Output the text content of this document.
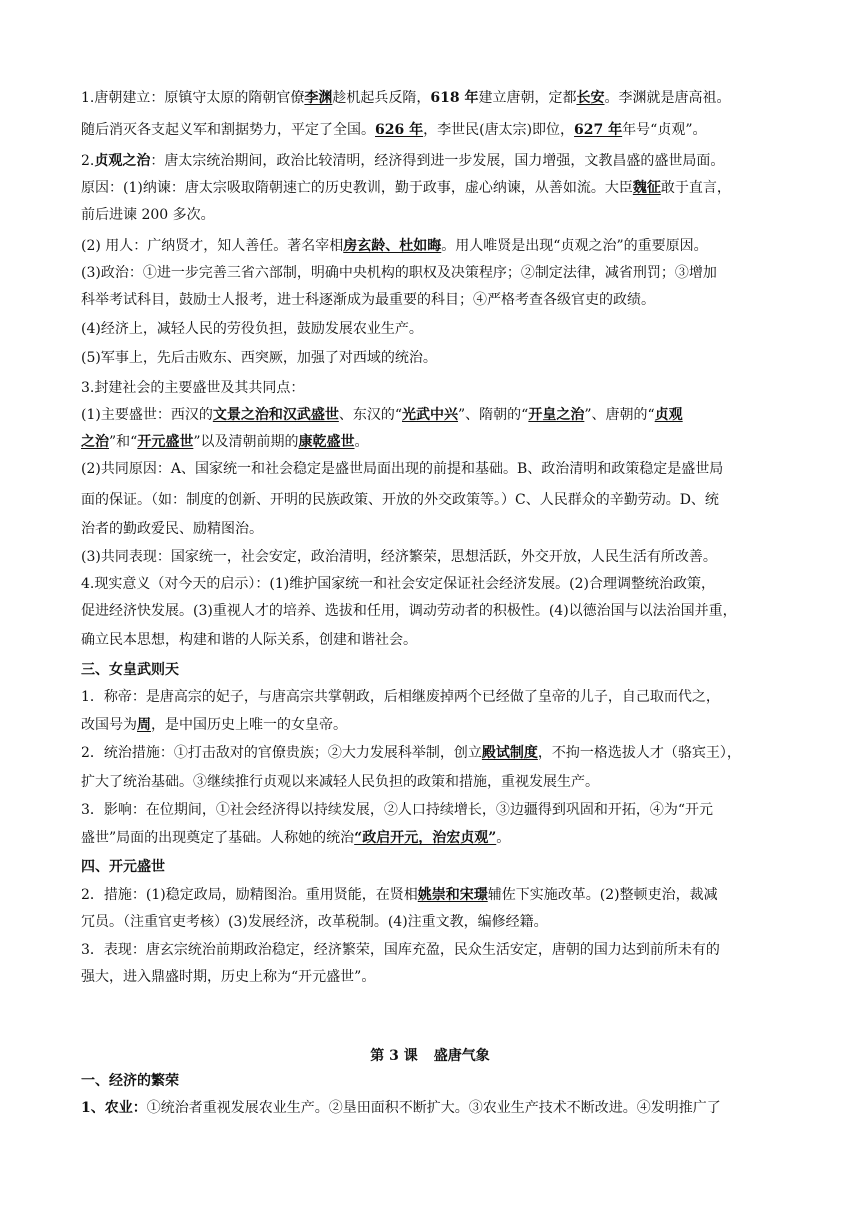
1.唐朝建立：原镇守太原的隋朝官僚李渊趁机起兵反隋，618 年建立唐朝，定都长安。李渊就是唐高祖。
随后消灭各支起义军和割据势力，平定了全国。626 年，李世民(唐太宗)即位，627 年年号“贞观”。
2.贞观之治：唐太宗统治期间，政治比较清明，经济得到进一步发展，国力增强，文教昌盛的盛世局面。
原因：(1)纳谏：唐太宗吸取隋朝速亡的历史教训，勤于政事，虚心纳谏，从善如流。大臣魏征敢于直言，
前后进谏 200 多次。
(2) 用人：广纳贤才，知人善任。著名宰相房玄龄、杜如晦。用人唯贤是出现“贞观之治”的重要原因。
(3)政治：①进一步完善三省六部制，明确中央机构的职权及决策程序；②制定法律，减省刑罚；③增加
科举考试科目，鼓励士人报考，进士科逐渐成为最重要的科目；④严格考查各级官吏的政绩。
(4)经济上，减轻人民的劳役负担，鼓励发展农业生产。
(5)军事上，先后击败东、西突厥，加强了对西域的统治。
3.封建社会的主要盛世及其共同点：
(1)主要盛世：西汉的文景之治和汉武盛世、东汉的“光武中兴”、隋朝的“开皇之治”、唐朝的“贞观
之治”和“开元盛世”以及清朝前期的康乾盛世。
(2)共同原因：A、国家统一和社会稳定是盛世局面出现的前提和基础。B、政治清明和政策稳定是盛世局
面的保证。（如：制度的创新、开明的民族政策、开放的外交政策等。）C、人民群众的辛勤劳动。D、统
治者的勤政爱民、励精图治。
(3)共同表现：国家统一，社会安定，政治清明，经济繁荣，思想活跃，外交开放，人民生活有所改善。
4.现实意义（对今天的启示）：(1)维护国家统一和社会安定保证社会经济发展。(2)合理调整统治政策，
促进经济快发展。(3)重视人才的培养、选拔和任用，调动劳动者的积极性。(4)以德治国与以法治国并重，
确立民本思想，构建和谐的人际关系，创建和谐社会。
三、女皇武则天
1．称帝：是唐高宗的妃子，与唐高宗共掌朝政，后相继废掉两个已经做了皇帝的儿子，自己取而代之，
改国号为周，是中国历史上唯一的女皇帝。
2．统治措施：①打击敌对的官僚贵族；②大力发展科举制，创立殿试制度，不拘一格选拔人才（骆宾王），
扩大了统治基础。③继续推行贞观以来减轻人民负担的政策和措施，重视发展生产。
3．影响：在位期间，①社会经济得以持续发展，②人口持续增长，③边疆得到巩固和开拓，④为“开元
盛世”局面的出现奠定了基础。人称她的统治“政启开元，治宏贞观”。
四、开元盛世
2．措施：(1)稳定政局，励精图治。重用贤能，在贤相姚崇和宋璟辅佐下实施改革。(2)整顿吏治，裁减
冗员。（注重官吏考核）(3)发展经济，改革税制。(4)注重文教，编修经籍。
3．表现：唐玄宗统治前期政治稳定，经济繁荣，国库充盈，民众生活安定，唐朝的国力达到前所未有的
强大，进入鼎盛时期，历史上称为“开元盛世”。
第 3 课 盛唐气象
一、经济的繁荣
1、农业：①统治者重视发展农业生产。②垦田面积不断扩大。③农业生产技术不断改进。④发明推广了
